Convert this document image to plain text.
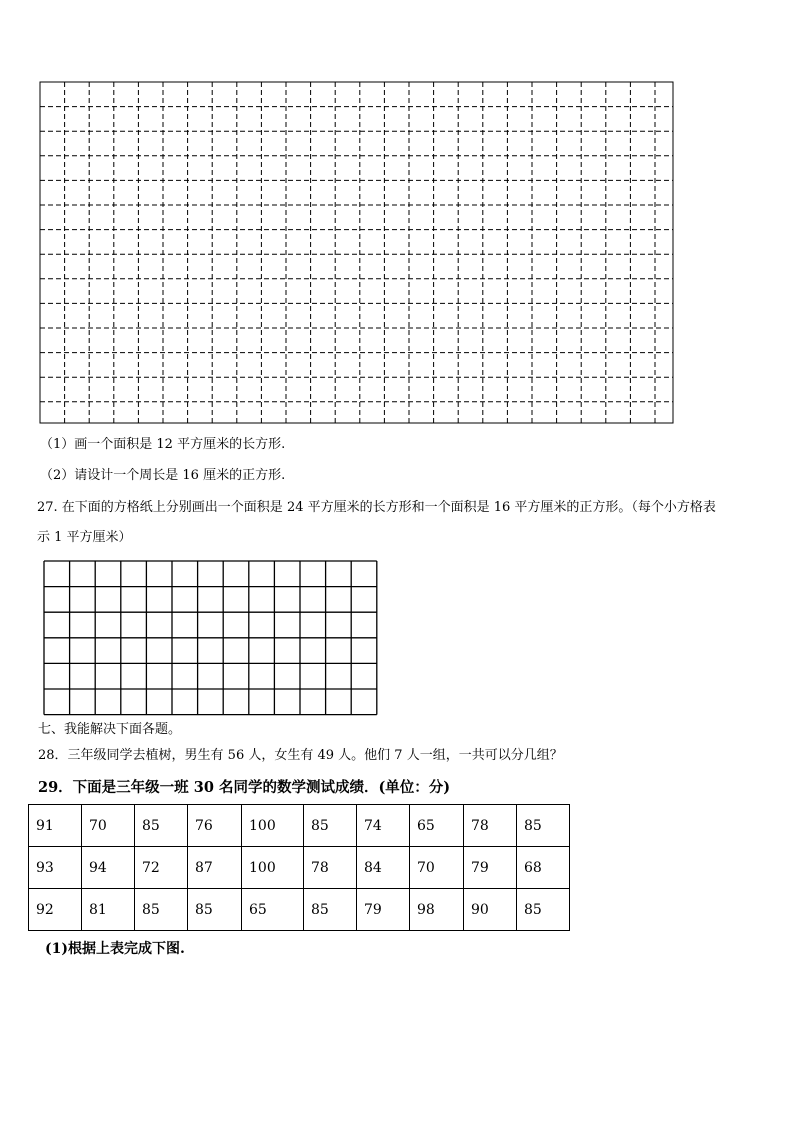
（1）画一个面积是 12 平方厘米的长方形.
（2）请设计一个周长是 16 厘米的正方形.
27. 在下面的方格纸上分别画出一个面积是 24 平方厘米的长方形和一个面积是 16 平方厘米的正方形。（每个小方格表
示 1 平方厘米）
七、我能解决下面各题。
28．三年级同学去植树，男生有 56 人，女生有 49 人。他们 7 人一组，一共可以分几组？
29．下面是三年级一班 30 名同学的数学测试成绩．(单位：分)
91	70	85	76	100	85	74	65	78	85
93	94	72	87	100	78	84	70	79	68
92	81	85	85	65	85	79	98	90	85
(1)根据上表完成下图.
